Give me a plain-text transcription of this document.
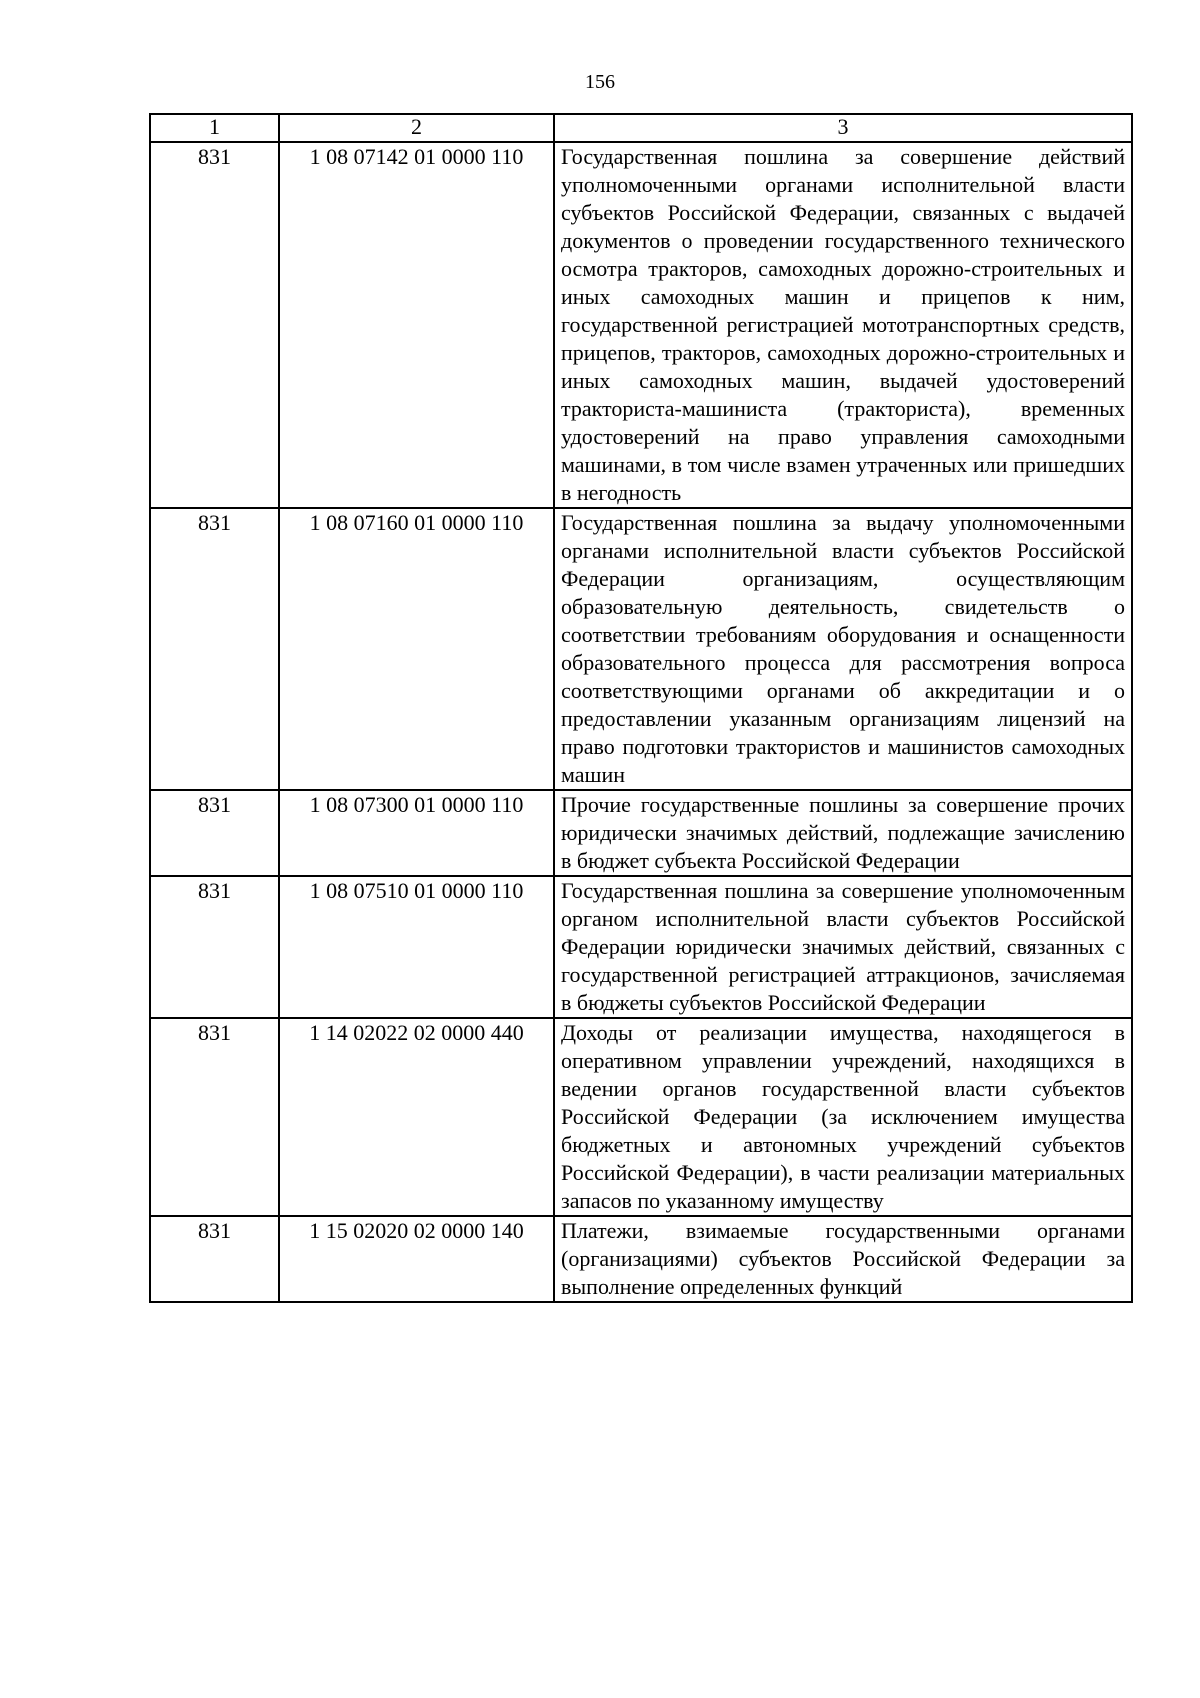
156
1	2	3
831	1 08 07142 01 0000 110	Государственная пошлина за совершение действий уполномоченными органами исполнительной власти субъектов Российской Федерации, связанных с выдачей документов о проведении государственного технического осмотра тракторов, самоходных дорожно-строительных и иных самоходных машин и прицепов к ним, государственной регистрацией мототранспортных средств, прицепов, тракторов, самоходных дорожно-строительных и иных самоходных машин, выдачей удостоверений тракториста-машиниста (тракториста), временных удостоверений на право управления самоходными машинами, в том числе взамен утраченных или пришедших в негодность
831	1 08 07160 01 0000 110	Государственная пошлина за выдачу уполномоченными органами исполнительной власти субъектов Российской Федерации организациям, осуществляющим образовательную деятельность, свидетельств о соответствии требованиям оборудования и оснащенности образовательного процесса для рассмотрения вопроса соответствующими органами об аккредитации и о предоставлении указанным организациям лицензий на право подготовки трактористов и машинистов самоходных машин
831	1 08 07300 01 0000 110	Прочие государственные пошлины за совершение прочих юридически значимых действий, подлежащие зачислению в бюджет субъекта Российской Федерации
831	1 08 07510 01 0000 110	Государственная пошлина за совершение уполномоченным органом исполнительной власти субъектов Российской Федерации юридически значимых действий, связанных с государственной регистрацией аттракционов, зачисляемая в бюджеты субъектов Российской Федерации
831	1 14 02022 02 0000 440	Доходы от реализации имущества, находящегося в оперативном управлении учреждений, находящихся в ведении органов государственной власти субъектов Российской Федерации (за исключением имущества бюджетных и автономных учреждений субъектов Российской Федерации), в части реализации материальных запасов по указанному имуществу
831	1 15 02020 02 0000 140	Платежи, взимаемые государственными органами (организациями) субъектов Российской Федерации за выполнение определенных функций
